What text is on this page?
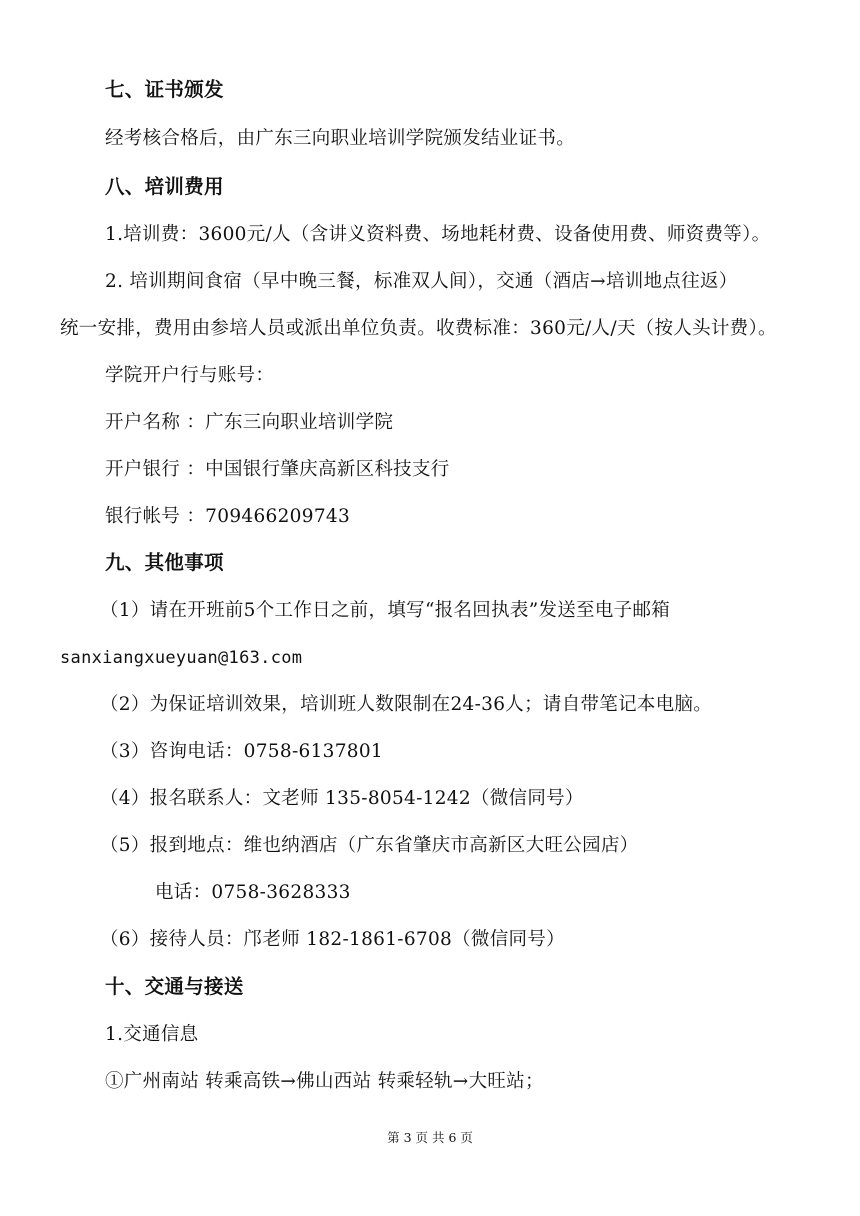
七、证书颁发
经考核合格后，由广东三向职业培训学院颁发结业证书。
八、培训费用
1.培训费：3600元/人（含讲义资料费、场地耗材费、设备使用费、师资费等）。
2. 培训期间食宿（早中晚三餐，标准双人间），交通（酒店→培训地点往返）
统一安排，费用由参培人员或派出单位负责。收费标准：360元/人/天（按人头计费）。
学院开户行与账号：
开户名称 ：广东三向职业培训学院
开户银行 ：中国银行肇庆高新区科技支行
银行帐号 ：709466209743
九、其他事项
（1）请在开班前5个工作日之前，填写“报名回执表”发送至电子邮箱
sanxiangxueyuan@163.com
（2）为保证培训效果，培训班人数限制在24-36人；请自带笔记本电脑。
（3）咨询电话：0758-6137801
（4）报名联系人：文老师 135-8054-1242（微信同号）
（5）报到地点：维也纳酒店（广东省肇庆市高新区大旺公园店）
电话：0758-3628333
（6）接待人员：邝老师 182-1861-6708（微信同号）
十、交通与接送
1.交通信息
①广州南站 转乘高铁→佛山西站 转乘轻轨→大旺站；
第 3 页 共 6 页
